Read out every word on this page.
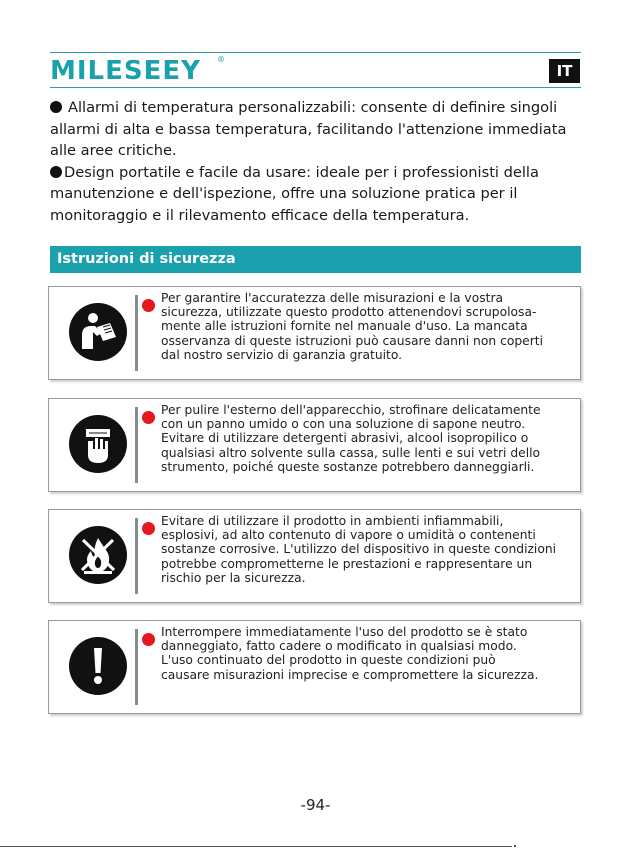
MILESEEY ®
IT

Allarmi di temperatura personalizzabili: consente di definire singoli allarmi di alta e bassa temperatura, facilitando l'attenzione immediata alle aree critiche.

Design portatile e facile da usare: ideale per i professionisti della manutenzione e dell'ispezione, offre una soluzione pratica per il monitoraggio e il rilevamento efficace della temperatura.

Istruzioni di sicurezza
Per garantire l'accuratezza delle misurazioni e la vostra
sicurezza, utilizzate questo prodotto attenendovi scrupolosa-
mente alle istruzioni fornite nel manuale d'uso. La mancata
osservanza di queste istruzioni può causare danni non coperti
dal nostro servizio di garanzia gratuito.
Per pulire l'esterno dell'apparecchio, strofinare delicatamente
con un panno umido o con una soluzione di sapone neutro.
Evitare di utilizzare detergenti abrasivi, alcool isopropilico o
qualsiasi altro solvente sulla cassa, sulle lenti e sui vetri dello
strumento, poiché queste sostanze potrebbero danneggiarli.
Evitare di utilizzare il prodotto in ambienti infiammabili,
esplosivi, ad alto contenuto di vapore o umidità o contenenti
sostanze corrosive. L'utilizzo del dispositivo in queste condizioni
potrebbe comprometterne le prestazioni e rappresentare un
rischio per la sicurezza.
Interrompere immediatamente l'uso del prodotto se è stato
danneggiato, fatto cadere o modificato in qualsiasi modo.
L'uso continuato del prodotto in queste condizioni può
causare misurazioni imprecise e compromettere la sicurezza.
-94-
